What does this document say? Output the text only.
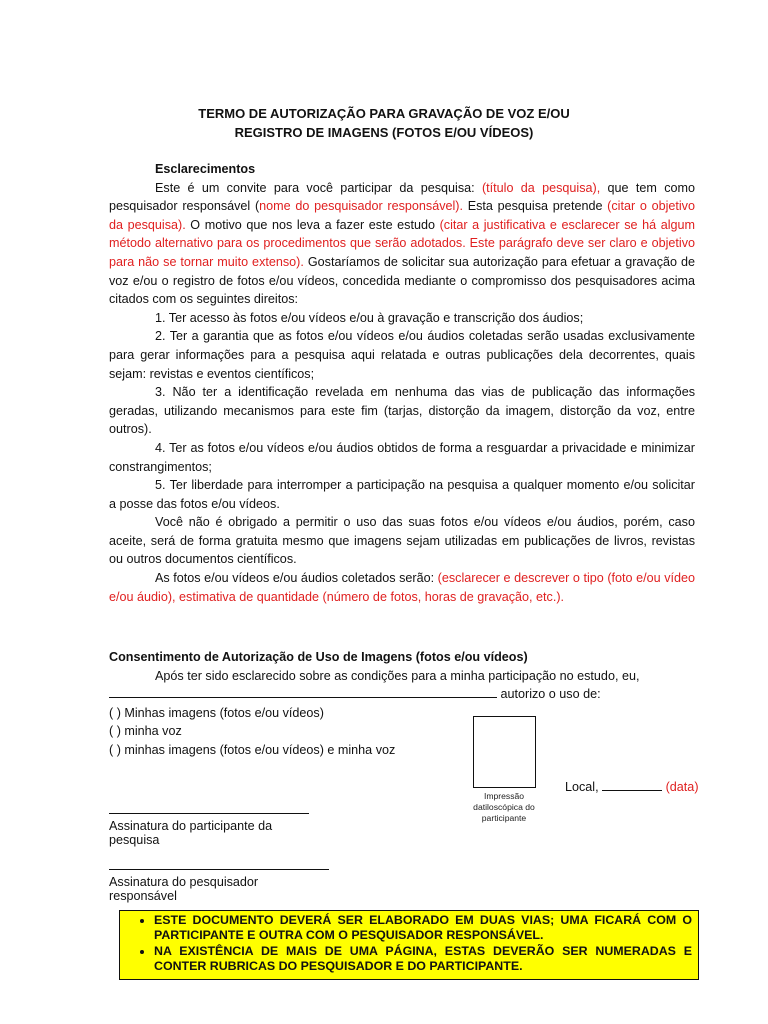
TERMO DE AUTORIZAÇÃO PARA GRAVAÇÃO DE VOZ E/OU
REGISTRO DE IMAGENS (FOTOS E/OU VÍDEOS)

Esclarecimentos

Este é um convite para você participar da pesquisa: (título da pesquisa), que tem como pesquisador responsável (nome do pesquisador responsável). Esta pesquisa pretende (citar o objetivo da pesquisa). O motivo que nos leva a fazer este estudo (citar a justificativa e esclarecer se há algum método alternativo para os procedimentos que serão adotados. Este parágrafo deve ser claro e objetivo para não se tornar muito extenso). Gostaríamos de solicitar sua autorização para efetuar a gravação de voz e/ou o registro de fotos e/ou vídeos, concedida mediante o compromisso dos pesquisadores acima citados com os seguintes direitos:

1. Ter acesso às fotos e/ou vídeos e/ou à gravação e transcrição dos áudios;

2. Ter a garantia que as fotos e/ou vídeos e/ou áudios coletadas serão usadas exclusivamente para gerar informações para a pesquisa aqui relatada e outras publicações dela decorrentes, quais sejam: revistas e eventos científicos;

3. Não ter a identificação revelada em nenhuma das vias de publicação das informações geradas, utilizando mecanismos para este fim (tarjas, distorção da imagem, distorção da voz, entre outros).

4. Ter as fotos e/ou vídeos e/ou áudios obtidos de forma a resguardar a privacidade e minimizar constrangimentos;

5. Ter liberdade para interromper a participação na pesquisa a qualquer momento e/ou solicitar a posse das fotos e/ou vídeos.

Você não é obrigado a permitir o uso das suas fotos e/ou vídeos e/ou áudios, porém, caso aceite, será de forma gratuita mesmo que imagens sejam utilizadas em publicações de livros, revistas ou outros documentos científicos.

As fotos e/ou vídeos e/ou áudios coletados serão: (esclarecer e descrever o tipo (foto e/ou vídeo e/ou áudio), estimativa de quantidade (número de fotos, horas de gravação, etc.).

Consentimento de Autorização de Uso de Imagens (fotos e/ou vídeos)

Após ter sido esclarecido sobre as condições para a minha participação no estudo, eu,

autorizo o uso de:

( ) Minhas imagens (fotos e/ou vídeos)

( ) minha voz

( ) minhas imagens (fotos e/ou vídeos) e minha voz

Impressão datiloscópica do participante
Local,	(data)
Assinatura do participante da pesquisa
Assinatura do pesquisador responsável
• ESTE DOCUMENTO DEVERÁ SER ELABORADO EM DUAS VIAS; UMA FICARÁ COM O PARTICIPANTE E OUTRA COM O PESQUISADOR RESPONSÁVEL.
• NA EXISTÊNCIA DE MAIS DE UMA PÁGINA, ESTAS DEVERÃO SER NUMERADAS E CONTER RUBRICAS DO PESQUISADOR E DO PARTICIPANTE.
